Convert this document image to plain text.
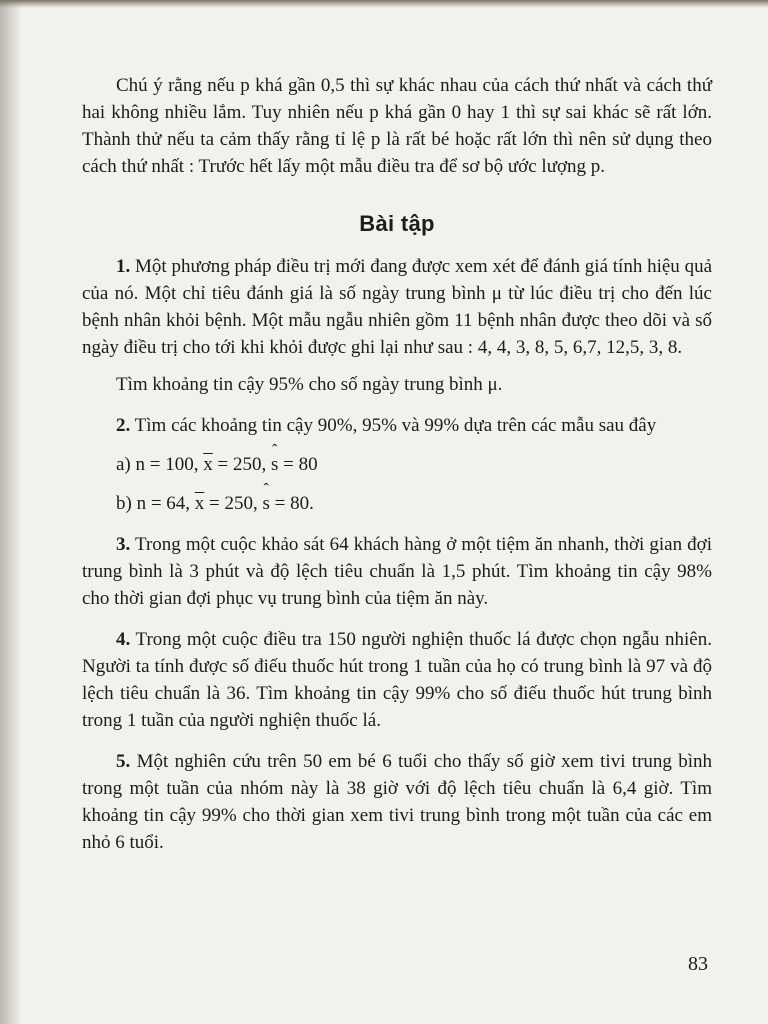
Chú ý rằng nếu p khá gần 0,5 thì sự khác nhau của cách thứ nhất và cách thứ hai không nhiều lắm. Tuy nhiên nếu p khá gần 0 hay 1 thì sự sai khác sẽ rất lớn. Thành thử nếu ta cảm thấy rằng tỉ lệ p là rất bé hoặc rất lớn thì nên sử dụng theo cách thứ nhất : Trước hết lấy một mẫu điều tra để sơ bộ ước lượng p.

Bài tập

1. Một phương pháp điều trị mới đang được xem xét để đánh giá tính hiệu quả của nó. Một chỉ tiêu đánh giá là số ngày trung bình μ từ lúc điều trị cho đến lúc bệnh nhân khỏi bệnh. Một mẫu ngẫu nhiên gồm 11 bệnh nhân được theo dõi và số ngày điều trị cho tới khi khỏi được ghi lại như sau : 4, 4, 3, 8, 5, 6,7, 12,5, 3, 8.

Tìm khoảng tin cậy 95% cho số ngày trung bình μ.

2. Tìm các khoảng tin cậy 90%, 95% và 99% dựa trên các mẫu sau đây

a) n = 100, $\overline{x} = 250$, ˆ s = 80
b) n = 64, $\overline{x} = 250$, ˆ s = 80.

3. Trong một cuộc khảo sát 64 khách hàng ở một tiệm ăn nhanh, thời gian đợi trung bình là 3 phút và độ lệch tiêu chuẩn là 1,5 phút. Tìm khoảng tin cậy 98% cho thời gian đợi phục vụ trung bình của tiệm ăn này.

4. Trong một cuộc điều tra 150 người nghiện thuốc lá được chọn ngẫu nhiên. Người ta tính được số điếu thuốc hút trong 1 tuần của họ có trung bình là 97 và độ lệch tiêu chuẩn là 36. Tìm khoảng tin cậy 99% cho số điếu thuốc hút trung bình trong 1 tuần của người nghiện thuốc lá.

5. Một nghiên cứu trên 50 em bé 6 tuổi cho thấy số giờ xem tivi trung bình trong một tuần của nhóm này là 38 giờ với độ lệch tiêu chuẩn là 6,4 giờ. Tìm khoảng tin cậy 99% cho thời gian xem tivi trung bình trong một tuần của các em nhỏ 6 tuổi.

83
